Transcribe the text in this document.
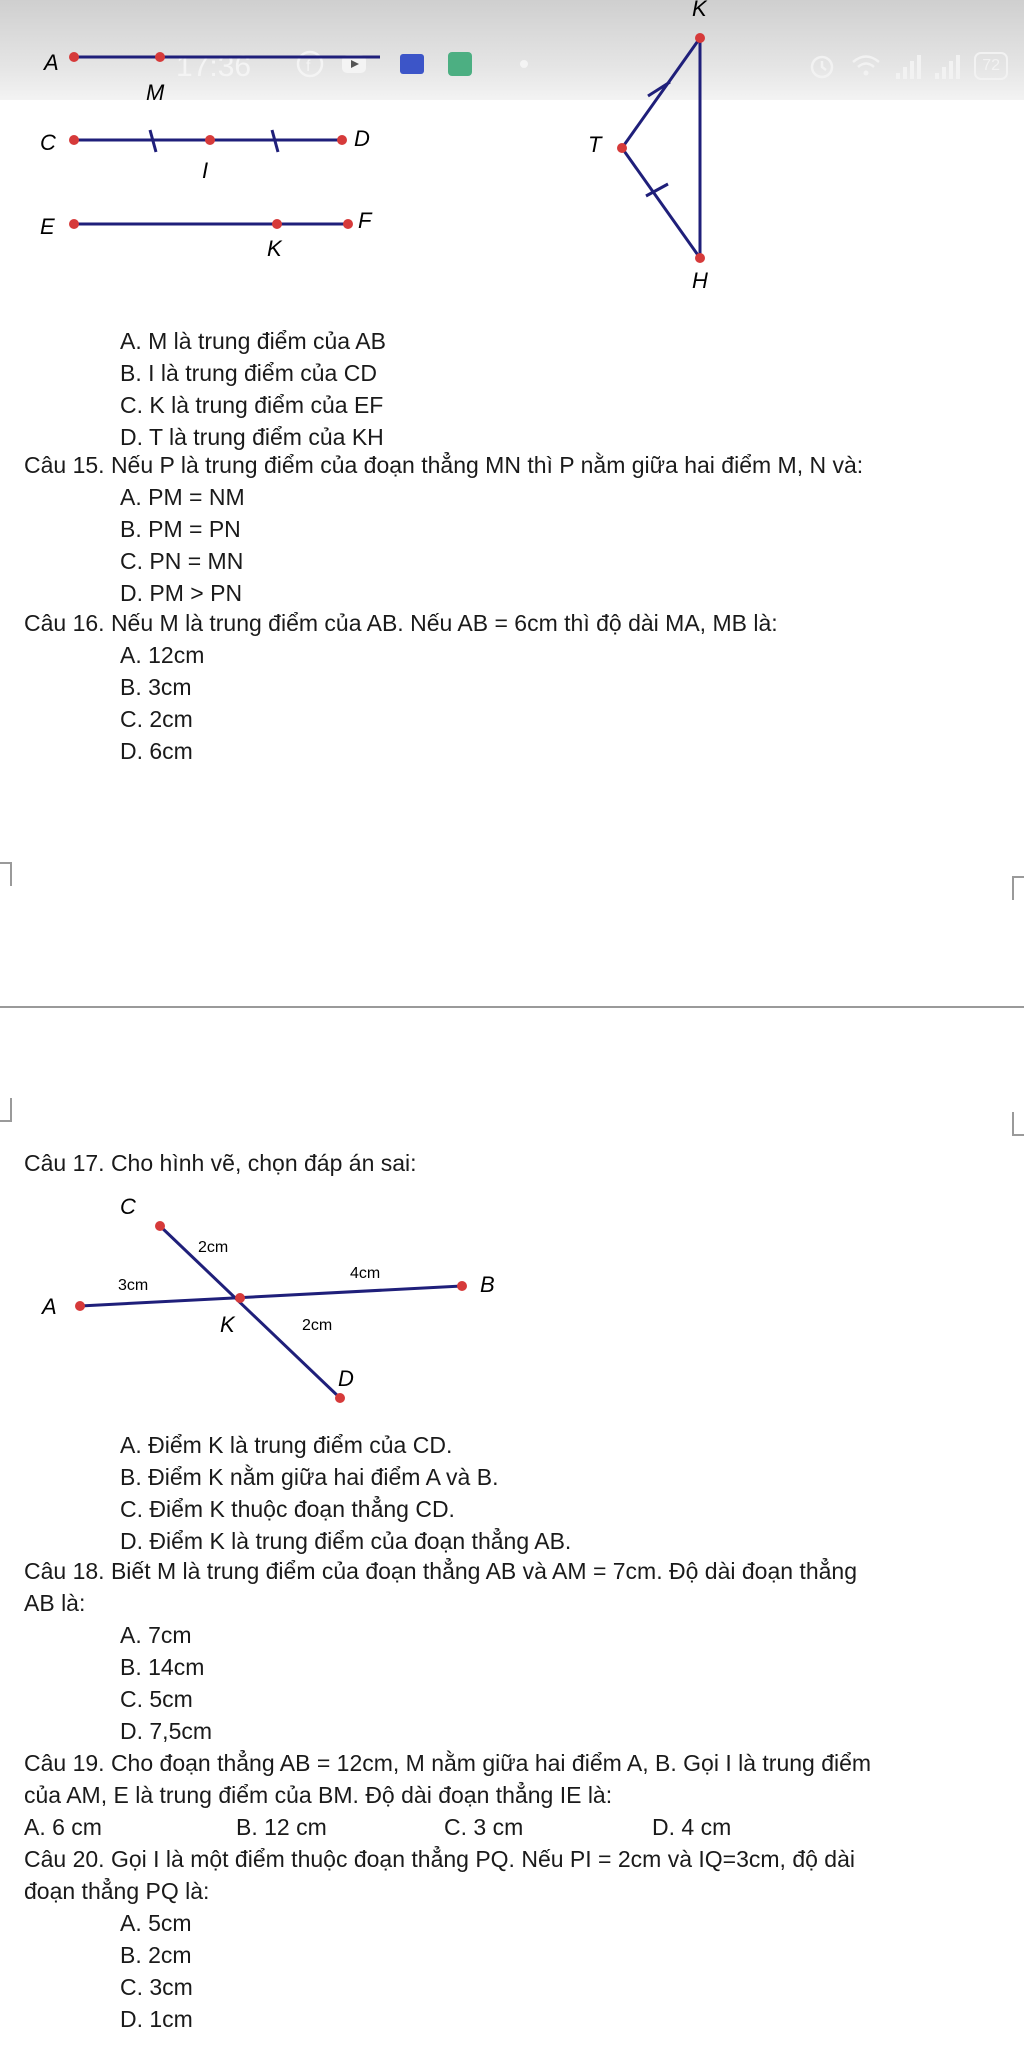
17:36	f	72
A
M
C
I
D
E
K
F
K
T
H
A. M là trung điểm của AB
B. I là trung điểm của CD
C. K là trung điểm của EF
D. T là trung điểm của KH
Câu 15. Nếu P là trung điểm của đoạn thẳng MN thì P nằm giữa hai điểm M, N và:
A. PM = NM
B. PM = PN
C. PN = MN
D. PM > PN
Câu 16. Nếu M là trung điểm của AB. Nếu AB = 6cm thì độ dài MA, MB là:
A. 12cm
B. 3cm
C. 2cm
D. 6cm
Câu 17. Cho hình vẽ, chọn đáp án sai:
C
A
K
B
D
2cm
3cm
4cm
2cm
A. Điểm K là trung điểm của CD.
B. Điểm K nằm giữa hai điểm A và B.
C. Điểm K thuộc đoạn thẳng CD.
D. Điểm K là trung điểm của đoạn thẳng AB.
Câu 18. Biết M là trung điểm của đoạn thẳng AB và AM = 7cm. Độ dài đoạn thẳng
AB là:
A. 7cm
B. 14cm
C. 5cm
D. 7,5cm
Câu 19. Cho đoạn thẳng AB = 12cm, M nằm giữa hai điểm A, B. Gọi I là trung điểm
của AM, E là trung điểm của BM. Độ dài đoạn thẳng IE là:
A. 6 cm	B. 12 cm	C. 3 cm	D. 4 cm
Câu 20. Gọi I là một điểm thuộc đoạn thẳng PQ. Nếu PI = 2cm và IQ=3cm, độ dài
đoạn thẳng PQ là:
A. 5cm
B. 2cm
C. 3cm
D. 1cm
